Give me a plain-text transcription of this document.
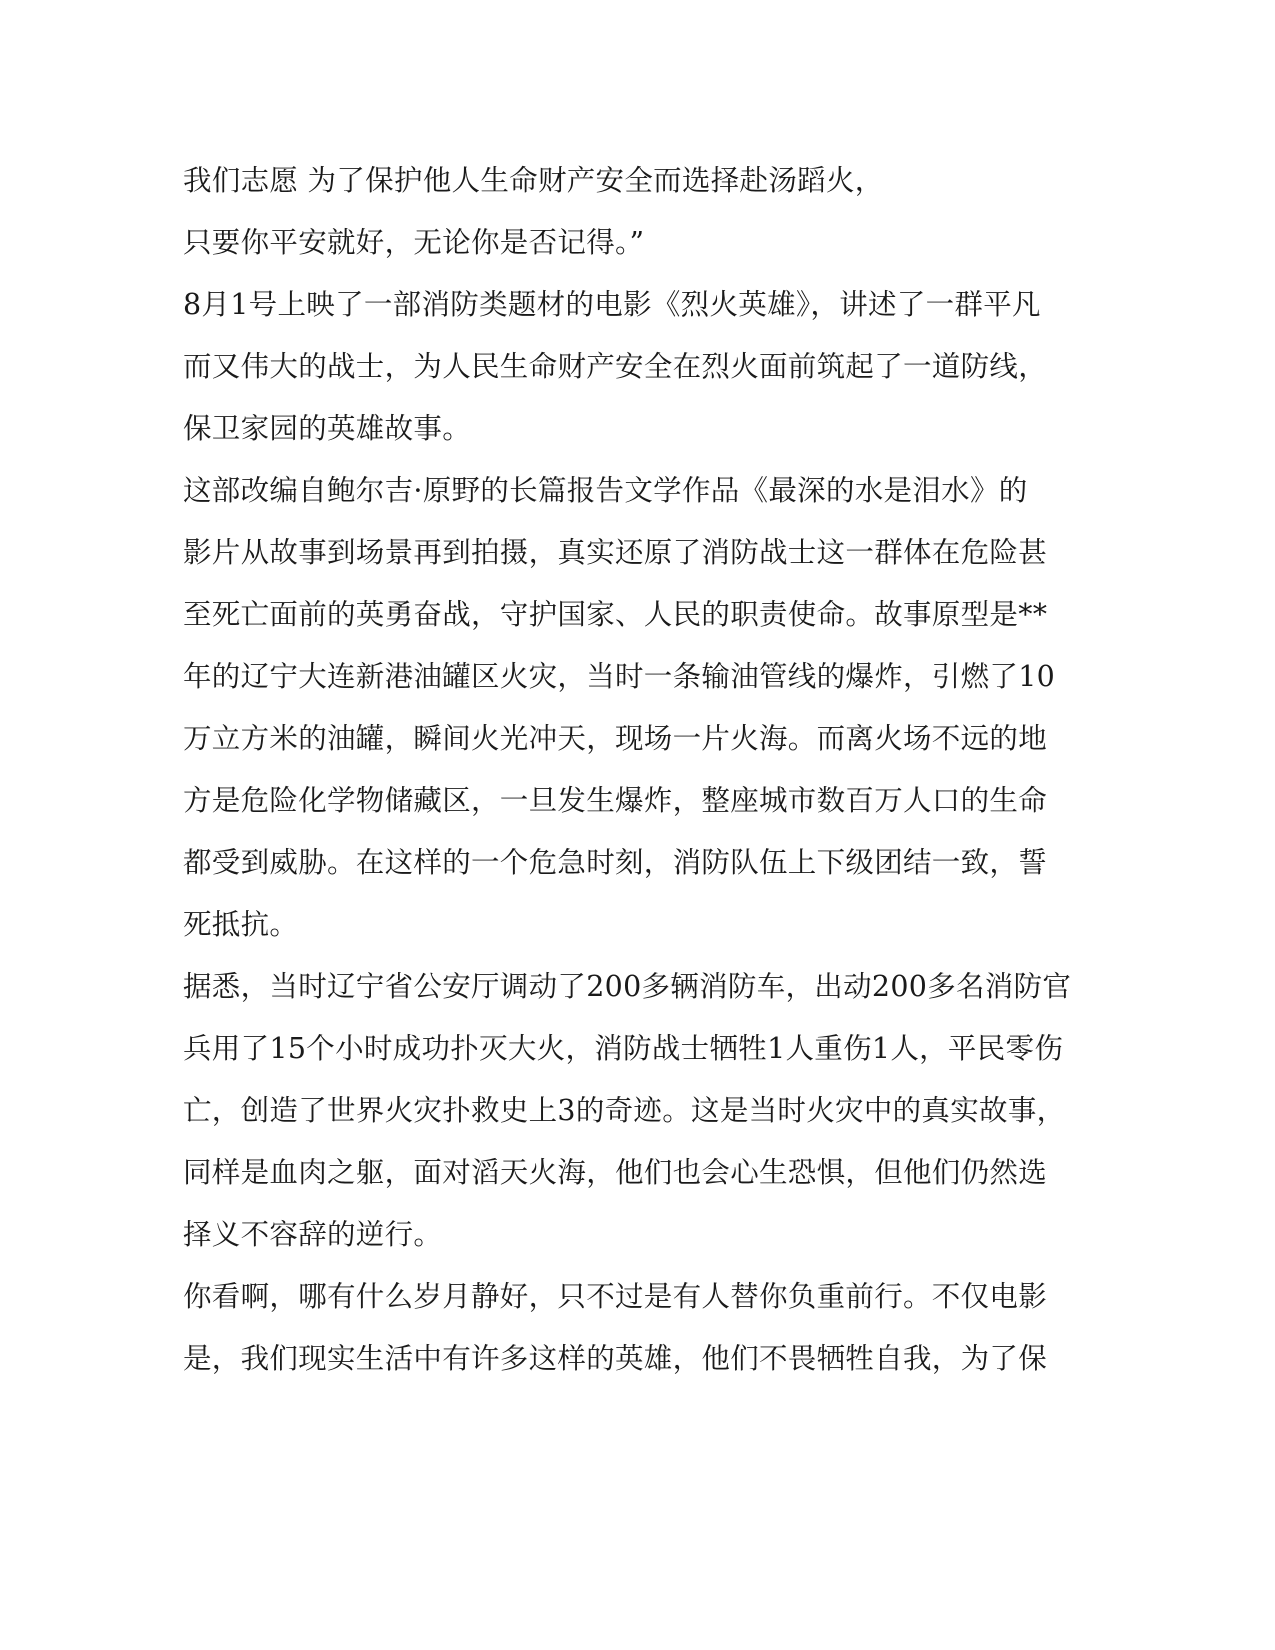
我们志愿 为了保护他人生命财产安全而选择赴汤蹈火，
只要你平安就好，无论你是否记得。”
8月1号上映了一部消防类题材的电影《烈火英雄》，讲述了一群平凡
而又伟大的战士，为人民生命财产安全在烈火面前筑起了一道防线，
保卫家园的英雄故事。
这部改编自鲍尔吉·原野的长篇报告文学作品《最深的水是泪水》的
影片从故事到场景再到拍摄，真实还原了消防战士这一群体在危险甚
至死亡面前的英勇奋战，守护国家、人民的职责使命。故事原型是**
年的辽宁大连新港油罐区火灾，当时一条输油管线的爆炸，引燃了10
万立方米的油罐，瞬间火光冲天，现场一片火海。而离火场不远的地
方是危险化学物储藏区，一旦发生爆炸，整座城市数百万人口的生命
都受到威胁。在这样的一个危急时刻，消防队伍上下级团结一致，誓
死抵抗。
据悉，当时辽宁省公安厅调动了200多辆消防车，出动200多名消防官
兵用了15个小时成功扑灭大火，消防战士牺牲1人重伤1人，平民零伤
亡，创造了世界火灾扑救史上3的奇迹。这是当时火灾中的真实故事，
同样是血肉之躯，面对滔天火海，他们也会心生恐惧，但他们仍然选
择义不容辞的逆行。
你看啊，哪有什么岁月静好，只不过是有人替你负重前行。不仅电影
是，我们现实生活中有许多这样的英雄，他们不畏牺牲自我，为了保
